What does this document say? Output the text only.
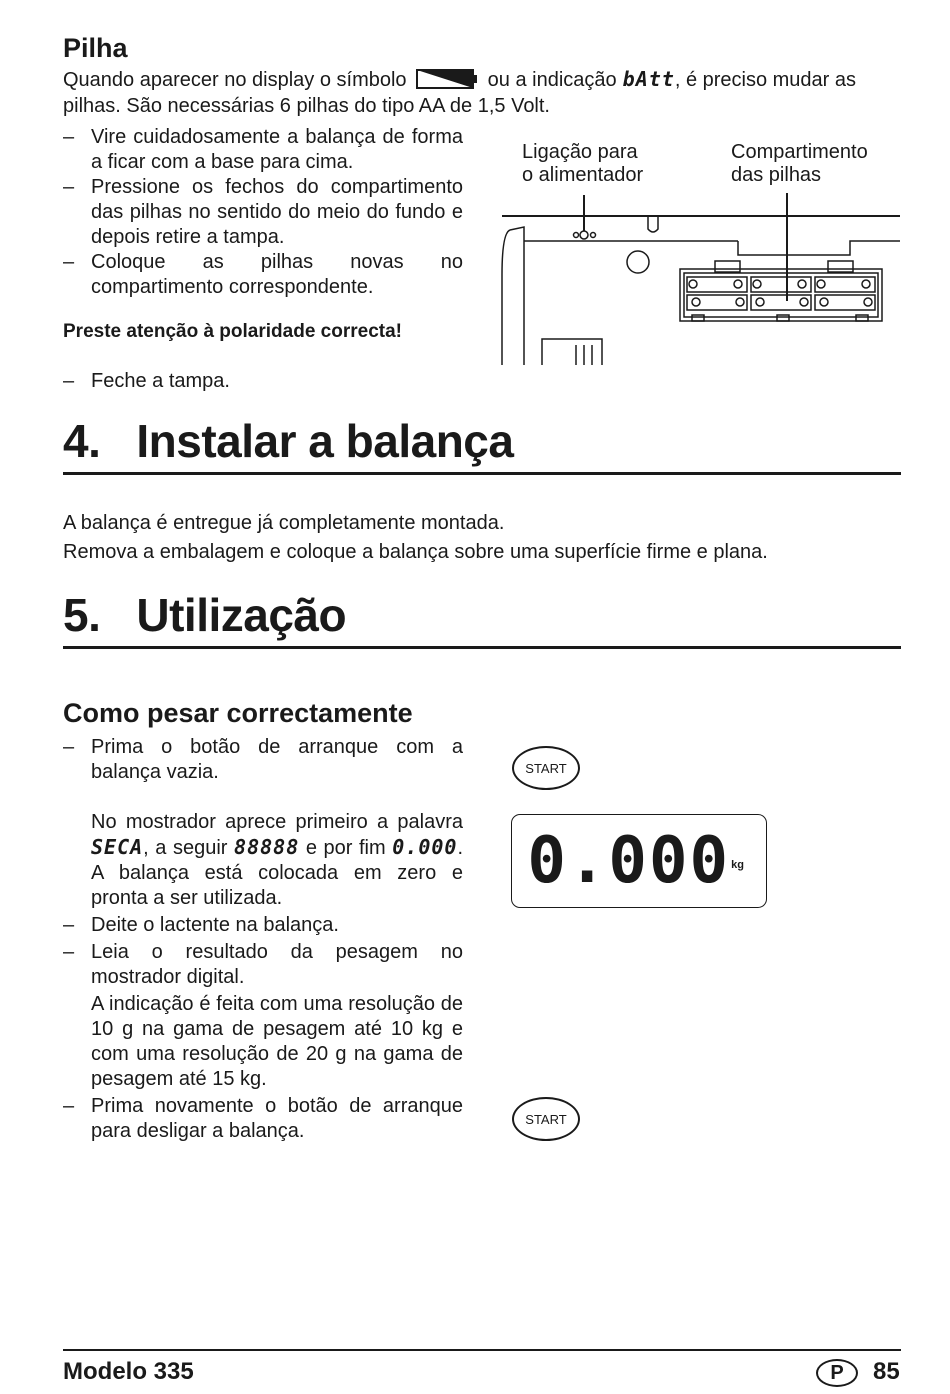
Pilha
Quando aparecer no display o símbolo	ou a indicação bAtt, é preciso mudar as
pilhas. São necessárias 6 pilhas do tipo AA de 1,5 Volt.
– Vire cuidadosamente a balança de forma a ficar com a base para cima.
– Pressione os fechos do compartimento das pilhas no sentido do meio do fundo e depois retire a tampa.
– Coloque as pilhas novas no compartimento correspondente.
Preste atenção à polaridade correcta!
– Feche a tampa.
Ligação para
o alimentador
Compartimento
das pilhas
4. Instalar a balança
A balança é entregue já completamente montada.
Remova a embalagem e coloque a balança sobre uma superfície firme e plana.
5. Utilização
Como pesar correctamente
– Prima o botão de arranque com a balança vazia.
No mostrador aprece primeiro a palavra SECA, a seguir 88888 e por fim 0.000. A balança está colocada em zero e pronta a ser utilizada.
– Deite o lactente na balança.
– Leia o resultado da pesagem no mostrador digital.
A indicação é feita com uma resolução de 10 g na gama de pesagem até 10 kg e com uma resolução de 20 g na gama de pesagem até 15 kg.
– Prima novamente o botão de arranque para desligar a balança.
START
0.000 kg
START
Modelo 335	P	85
